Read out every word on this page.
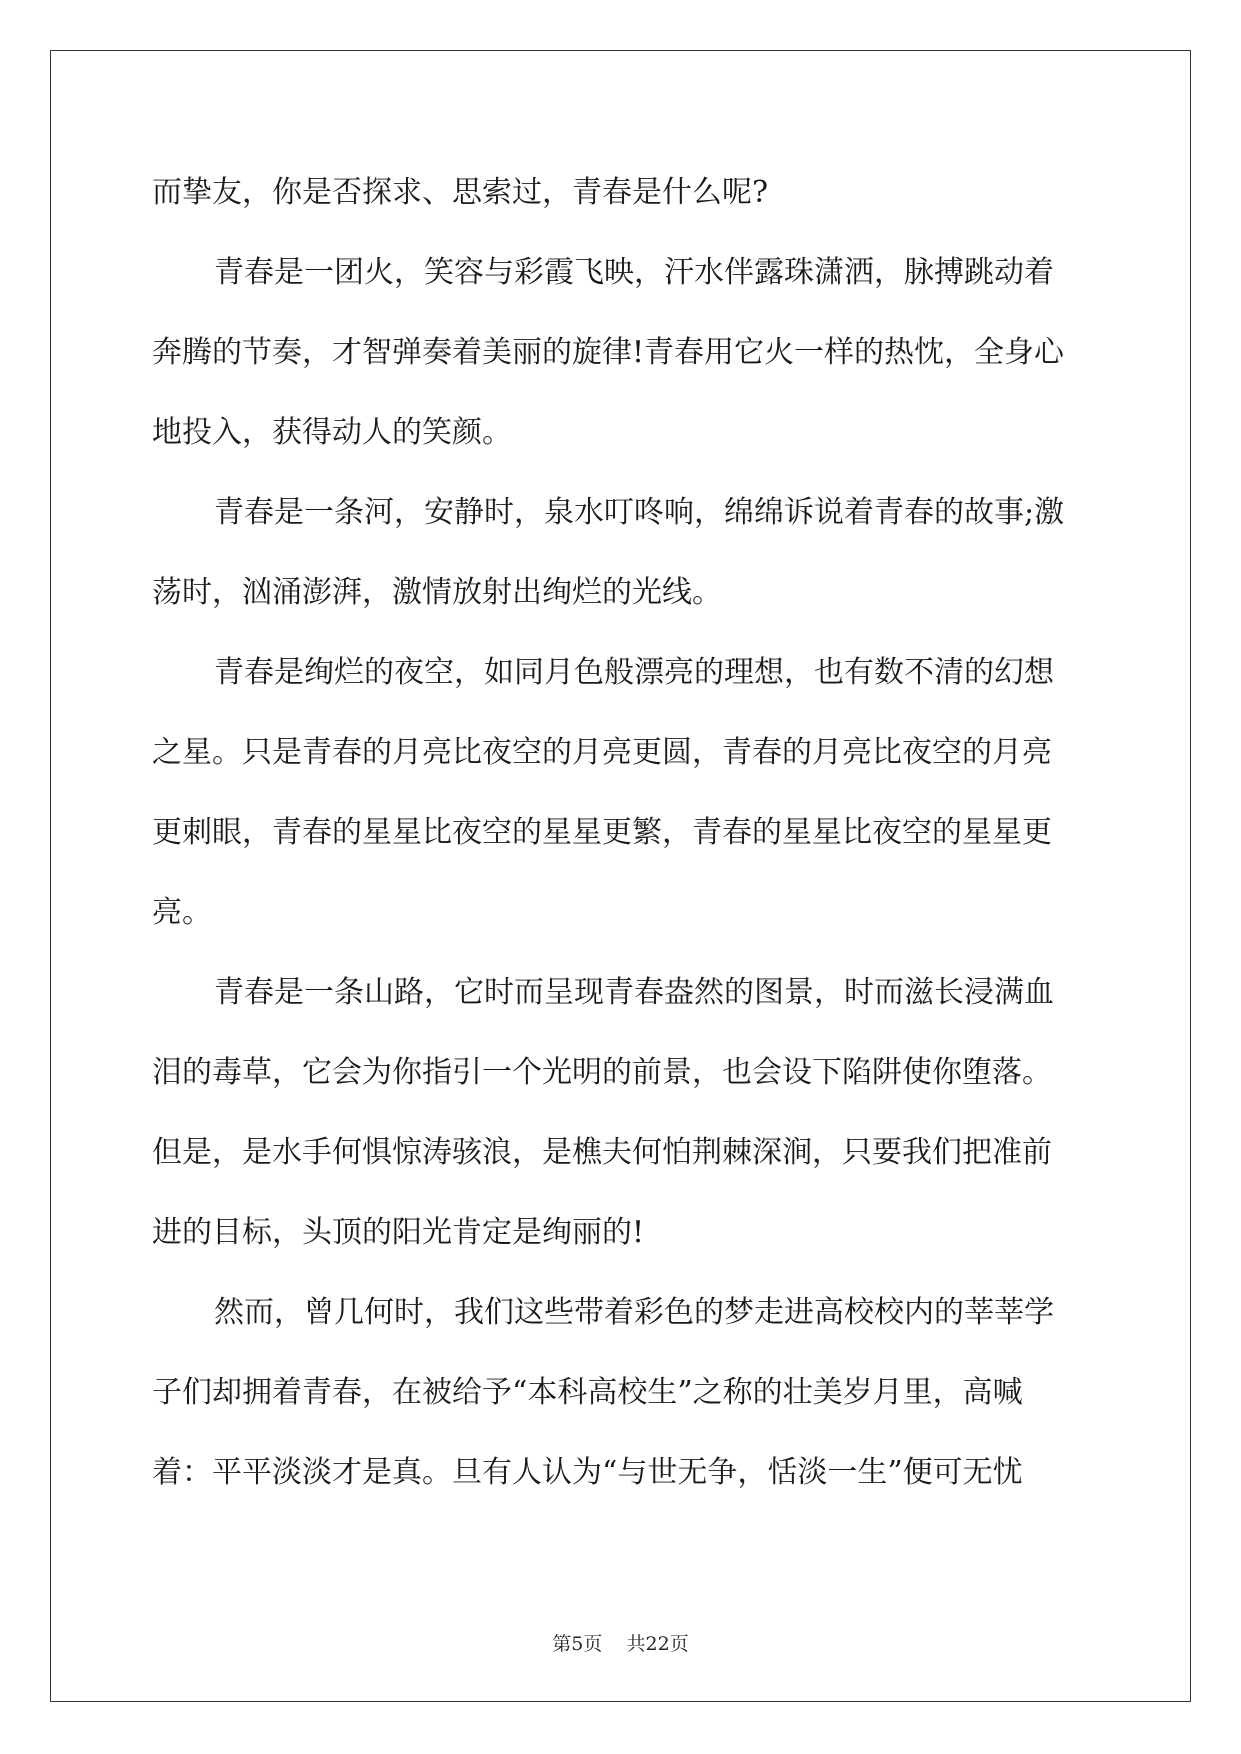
而挚友，你是否探求、思索过，青春是什么呢?
青春是一团火，笑容与彩霞飞映，汗水伴露珠潇洒，脉搏跳动着
奔腾的节奏，才智弹奏着美丽的旋律!青春用它火一样的热忱，全身心
地投入，获得动人的笑颜。
青春是一条河，安静时，泉水叮咚响，绵绵诉说着青春的故事;激
荡时，汹涌澎湃，激情放射出绚烂的光线。
青春是绚烂的夜空，如同月色般漂亮的理想，也有数不清的幻想
之星。只是青春的月亮比夜空的月亮更圆，青春的月亮比夜空的月亮
更刺眼，青春的星星比夜空的星星更繁，青春的星星比夜空的星星更
亮。
青春是一条山路，它时而呈现青春盎然的图景，时而滋长浸满血
泪的毒草，它会为你指引一个光明的前景，也会设下陷阱使你堕落。
但是，是水手何惧惊涛骇浪，是樵夫何怕荆棘深涧，只要我们把准前
进的目标，头顶的阳光肯定是绚丽的!
然而，曾几何时，我们这些带着彩色的梦走进高校校内的莘莘学
子们却拥着青春，在被给予“本科高校生”之称的壮美岁月里，高喊
着：平平淡淡才是真。旦有人认为“与世无争，恬淡一生”便可无忧
第5页 共22页
